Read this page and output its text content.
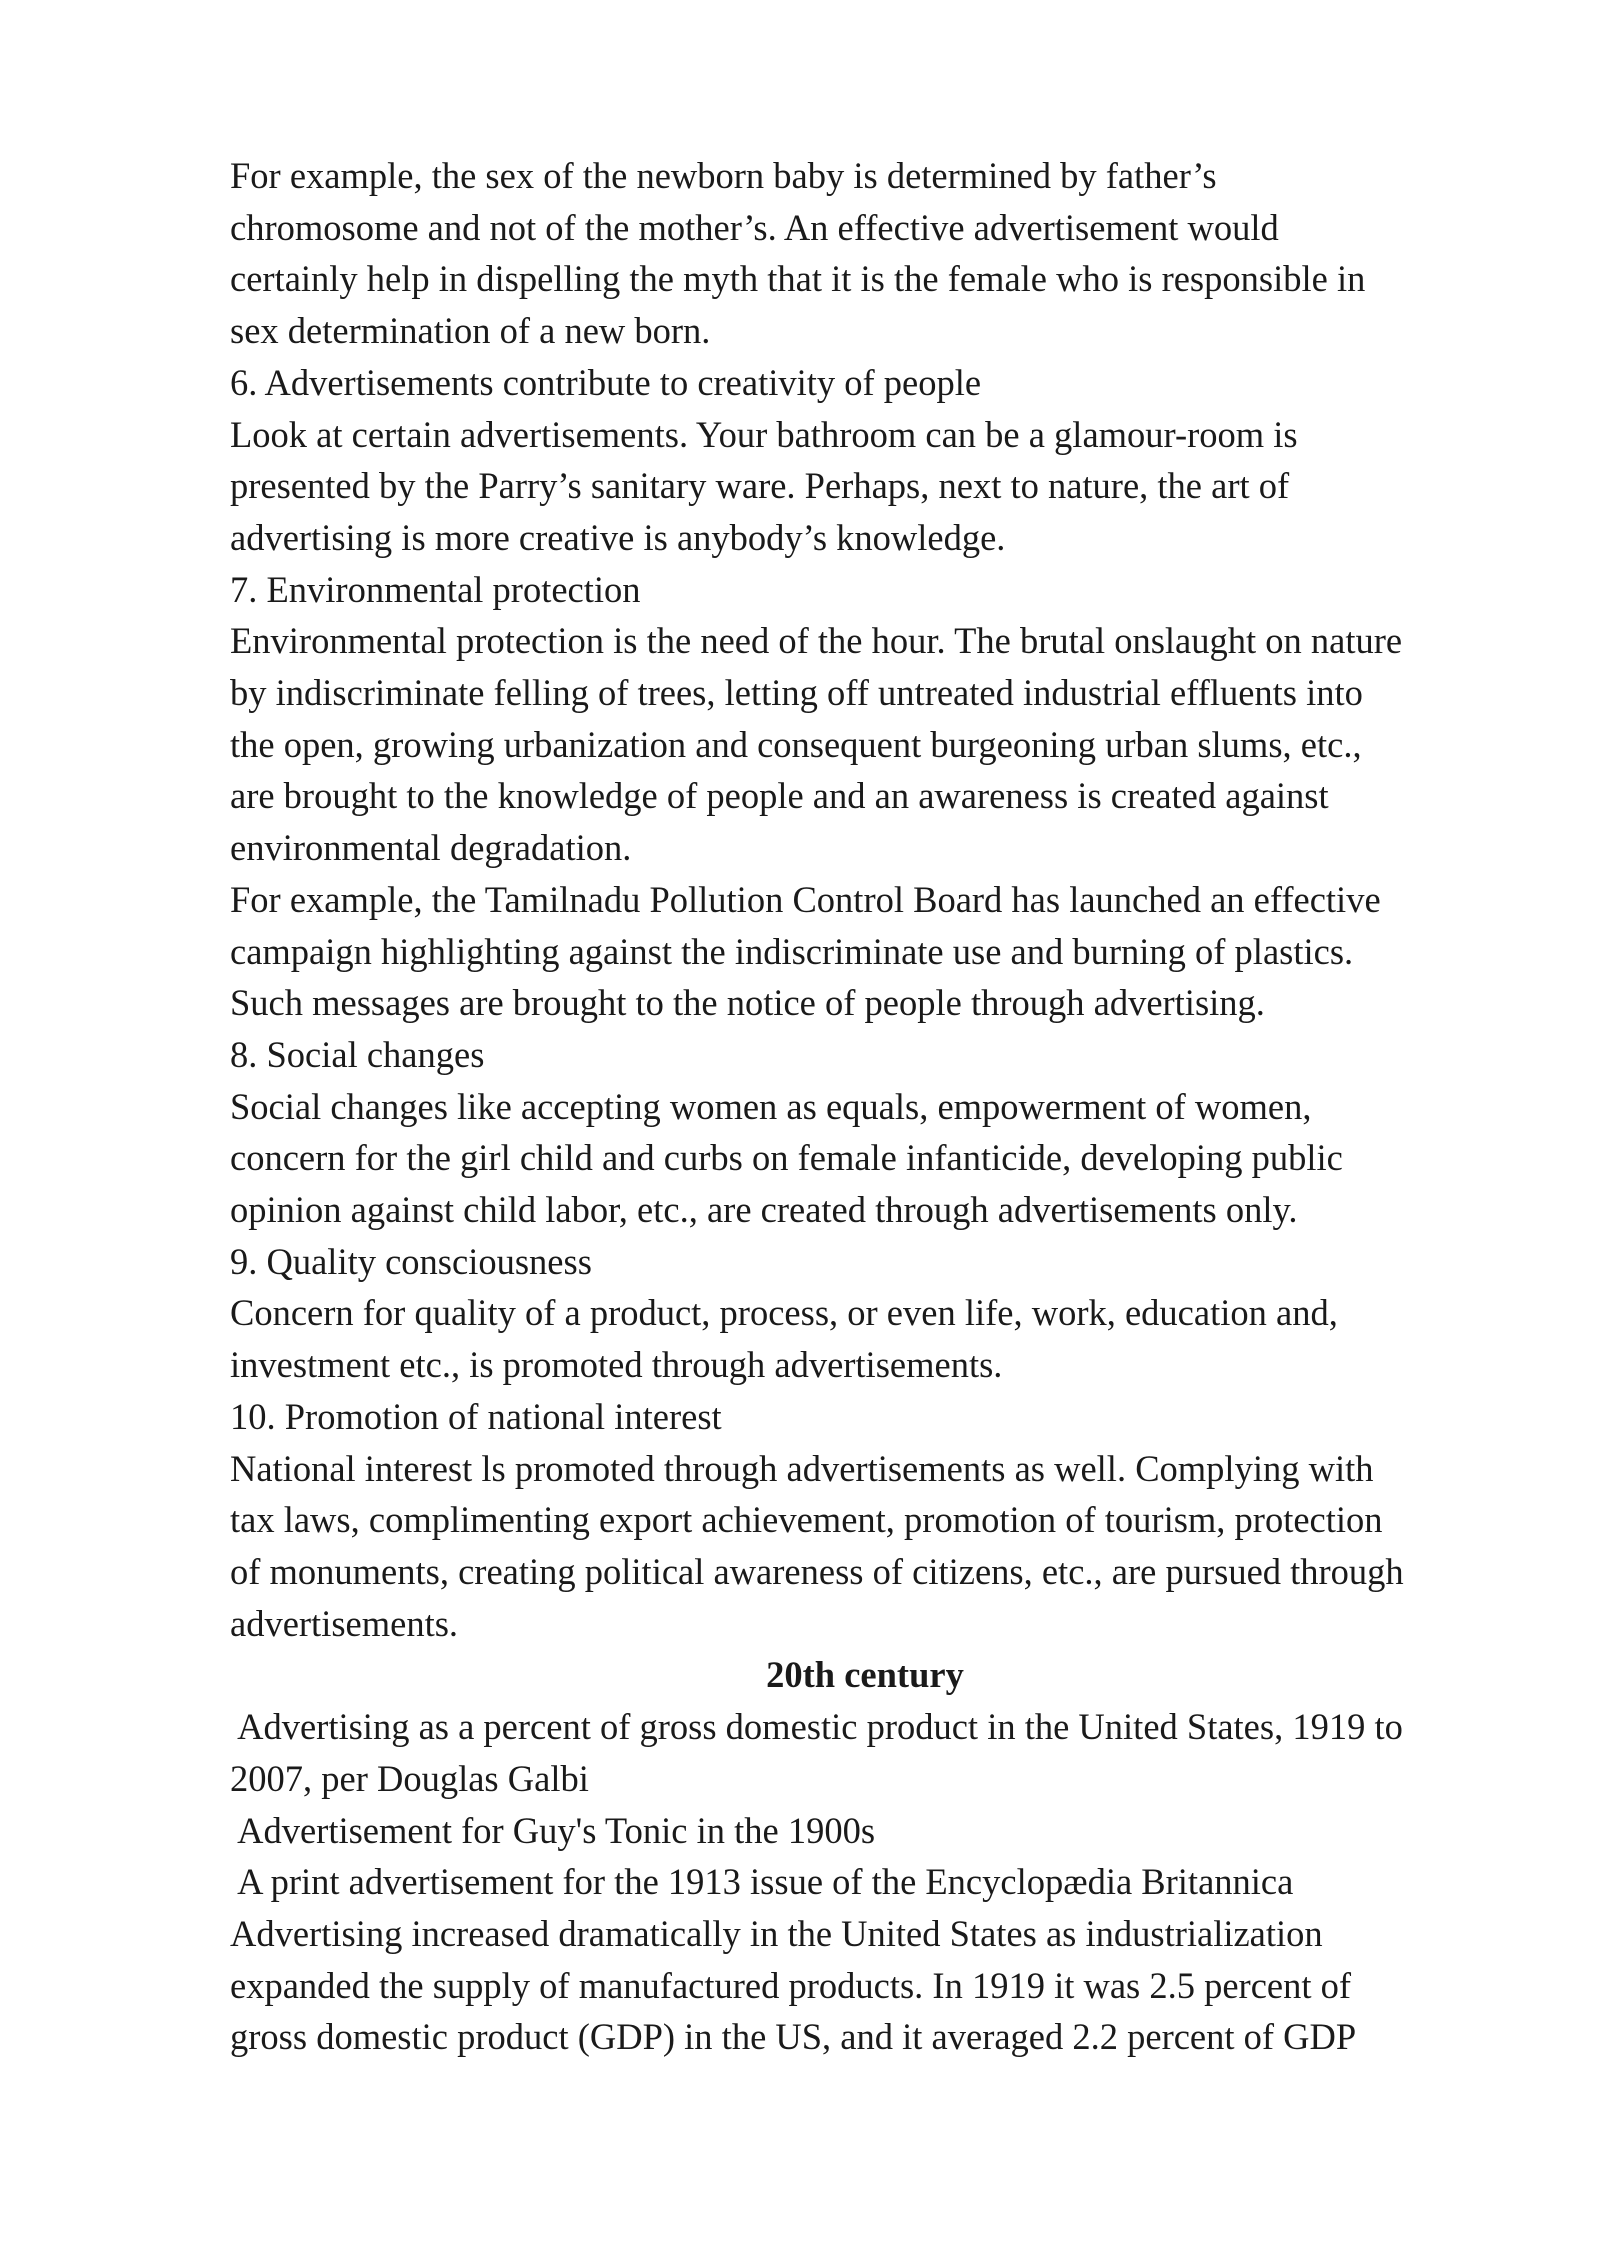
For example, the sex of the newborn baby is determined by father’s
chromosome and not of the mother’s. An effective advertisement would
certainly help in dispelling the myth that it is the female who is responsible in
sex determination of a new born.
6. Advertisements contribute to creativity of people
Look at certain advertisements. Your bathroom can be a glamour-room is
presented by the Parry’s sanitary ware. Perhaps, next to nature, the art of
advertising is more creative is anybody’s knowledge.
7. Environmental protection
Environmental protection is the need of the hour. The brutal onslaught on nature
by indiscriminate felling of trees, letting off untreated industrial effluents into
the open, growing urbanization and consequent burgeoning urban slums, etc.,
are brought to the knowledge of people and an awareness is created against
environmental degradation.
For example, the Tamilnadu Pollution Control Board has launched an effective
campaign highlighting against the indiscriminate use and burning of plastics.
Such messages are brought to the notice of people through advertising.
8. Social changes
Social changes like accepting women as equals, empowerment of women,
concern for the girl child and curbs on female infanticide, developing public
opinion against child labor, etc., are created through advertisements only.
9. Quality consciousness
Concern for quality of a product, process, or even life, work, education and,
investment etc., is promoted through advertisements.
10. Promotion of national interest
National interest ls promoted through advertisements as well. Complying with
tax laws, complimenting export achievement, promotion of tourism, protection
of monuments, creating political awareness of citizens, etc., are pursued through
advertisements.
20th century
Advertising as a percent of gross domestic product in the United States, 1919 to
2007, per Douglas Galbi
Advertisement for Guy's Tonic in the 1900s
A print advertisement for the 1913 issue of the Encyclopædia Britannica
Advertising increased dramatically in the United States as industrialization
expanded the supply of manufactured products. In 1919 it was 2.5 percent of
gross domestic product (GDP) in the US, and it averaged 2.2 percent of GDP
